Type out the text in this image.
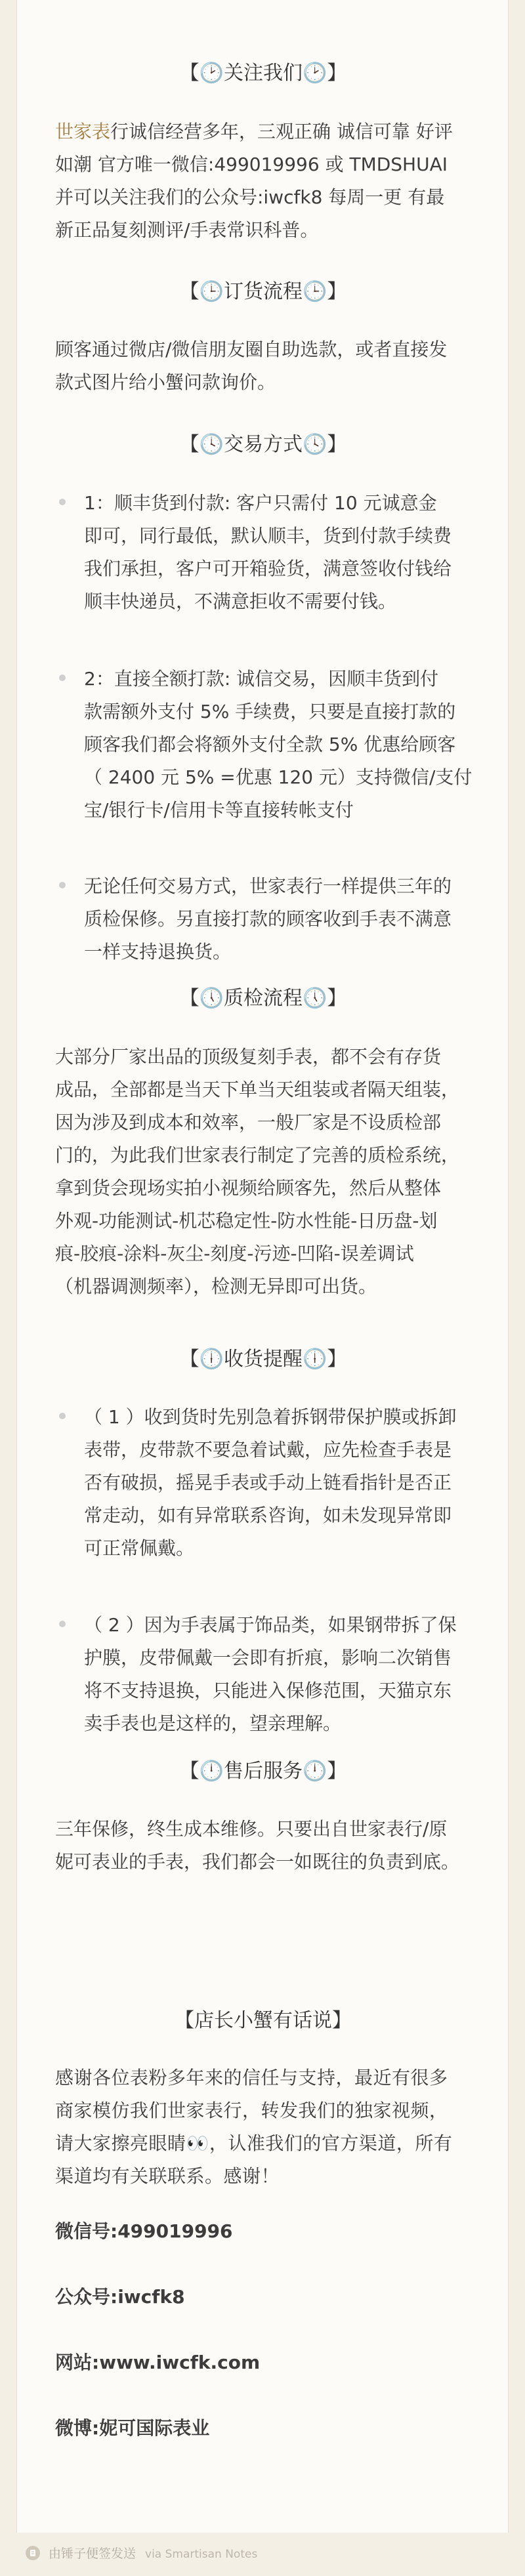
【🕑关注我们🕑】
世家表行诚信经营多年，三观正确 诚信可靠 好评
如潮 官方唯一微信:499019996 或 TMDSHUAI
并可以关注我们的公众号:iwcfk8 每周一更 有最
新正品复刻测评/手表常识科普。
【🕒订货流程🕒】
顾客通过微店/微信朋友圈自助选款，或者直接发
款式图片给小蟹问款询价。
【🕓交易方式🕓】
1：顺丰货到付款: 客户只需付 10 元诚意金
即可，同行最低，默认顺丰，货到付款手续费
我们承担，客户可开箱验货，满意签收付钱给
顺丰快递员，不满意拒收不需要付钱。
2：直接全额打款: 诚信交易，因顺丰货到付
款需额外支付 5% 手续费，只要是直接打款的
顾客我们都会将额外支付全款 5% 优惠给顾客
（ 2400 元 5% =优惠 120 元）支持微信/支付
宝/银行卡/信用卡等直接转帐支付
无论任何交易方式，世家表行一样提供三年的
质检保修。另直接打款的顾客收到手表不满意
一样支持退换货。
【🕔质检流程🕔】
大部分厂家出品的顶级复刻手表，都不会有存货
成品，全部都是当天下单当天组装或者隔天组装，
因为涉及到成本和效率，一般厂家是不设质检部
门的，为此我们世家表行制定了完善的质检系统，
拿到货会现场实拍小视频给顾客先，然后从整体
外观-功能测试-机芯稳定性-防水性能-日历盘-划
痕-胶痕-涂料-灰尘-刻度-污迹-凹陷-误差调试
（机器调测频率），检测无异即可出货。
【🕕收货提醒🕕】
（ 1 ）收到货时先别急着拆钢带保护膜或拆卸
表带，皮带款不要急着试戴，应先检查手表是
否有破损，摇晃手表或手动上链看指针是否正
常走动，如有异常联系咨询，如未发现异常即
可正常佩戴。
（ 2 ）因为手表属于饰品类，如果钢带拆了保
护膜，皮带佩戴一会即有折痕，影响二次销售
将不支持退换，只能进入保修范围，天猫京东
卖手表也是这样的，望亲理解。
【🕛售后服务🕛】
三年保修，终生成本维修。只要出自世家表行/原
妮可表业的手表，我们都会一如既往的负责到底。
【店长小蟹有话说】
感谢各位表粉多年来的信任与支持，最近有很多
商家模仿我们世家表行，转发我们的独家视频，
请大家擦亮眼睛👀，认准我们的官方渠道，所有
渠道均有关联联系。感谢！
微信号:499019996
公众号:iwcfk8
网站:www.iwcfk.com
微博:妮可国际表业
由锤子便签发送 via Smartisan Notes
